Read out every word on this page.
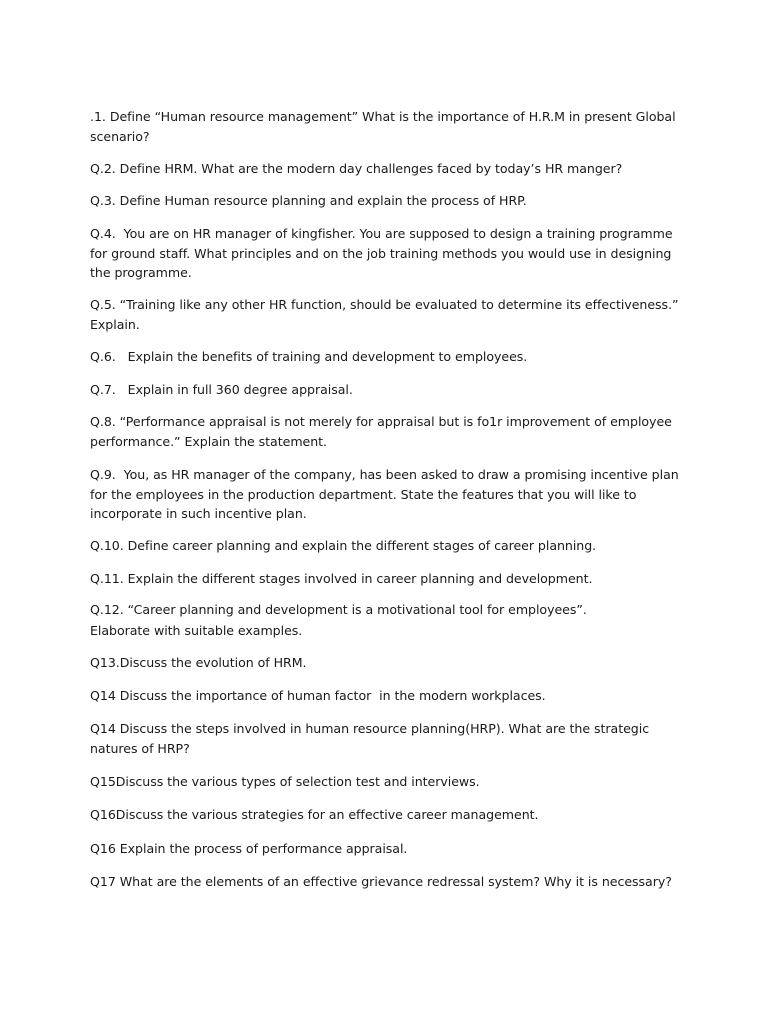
.1. Define “Human resource management” What is the importance of H.R.M in present Global scenario?

Q.2. Define HRM. What are the modern day challenges faced by today’s HR manger?

Q.3. Define Human resource planning and explain the process of HRP.

Q.4.  You are on HR manager of kingfisher. You are supposed to design a training programme for ground staff. What principles and on the job training methods you would use in designing the programme.

Q.5. “Training like any other HR function, should be evaluated to determine its effectiveness.” Explain.

Q.6.   Explain the benefits of training and development to employees.

Q.7.   Explain in full 360 degree appraisal.

Q.8. “Performance appraisal is not merely for appraisal but is fo1r improvement of employee performance.” Explain the statement.

Q.9.  You, as HR manager of the company, has been asked to draw a promising incentive plan for the employees in the production department. State the features that you will like to incorporate in such incentive plan.

Q.10. Define career planning and explain the different stages of career planning.

Q.11. Explain the different stages involved in career planning and development.

Q.12. “Career planning and development is a motivational tool for employees”. Elaborate with suitable examples.

Q13.Discuss the evolution of HRM.

Q14 Discuss the importance of human factor  in the modern workplaces.

Q14 Discuss the steps involved in human resource planning(HRP). What are the strategic natures of HRP?

Q15Discuss the various types of selection test and interviews.

Q16Discuss the various strategies for an effective career management.

Q16 Explain the process of performance appraisal.

Q17 What are the elements of an effective grievance redressal system? Why it is necessary?
